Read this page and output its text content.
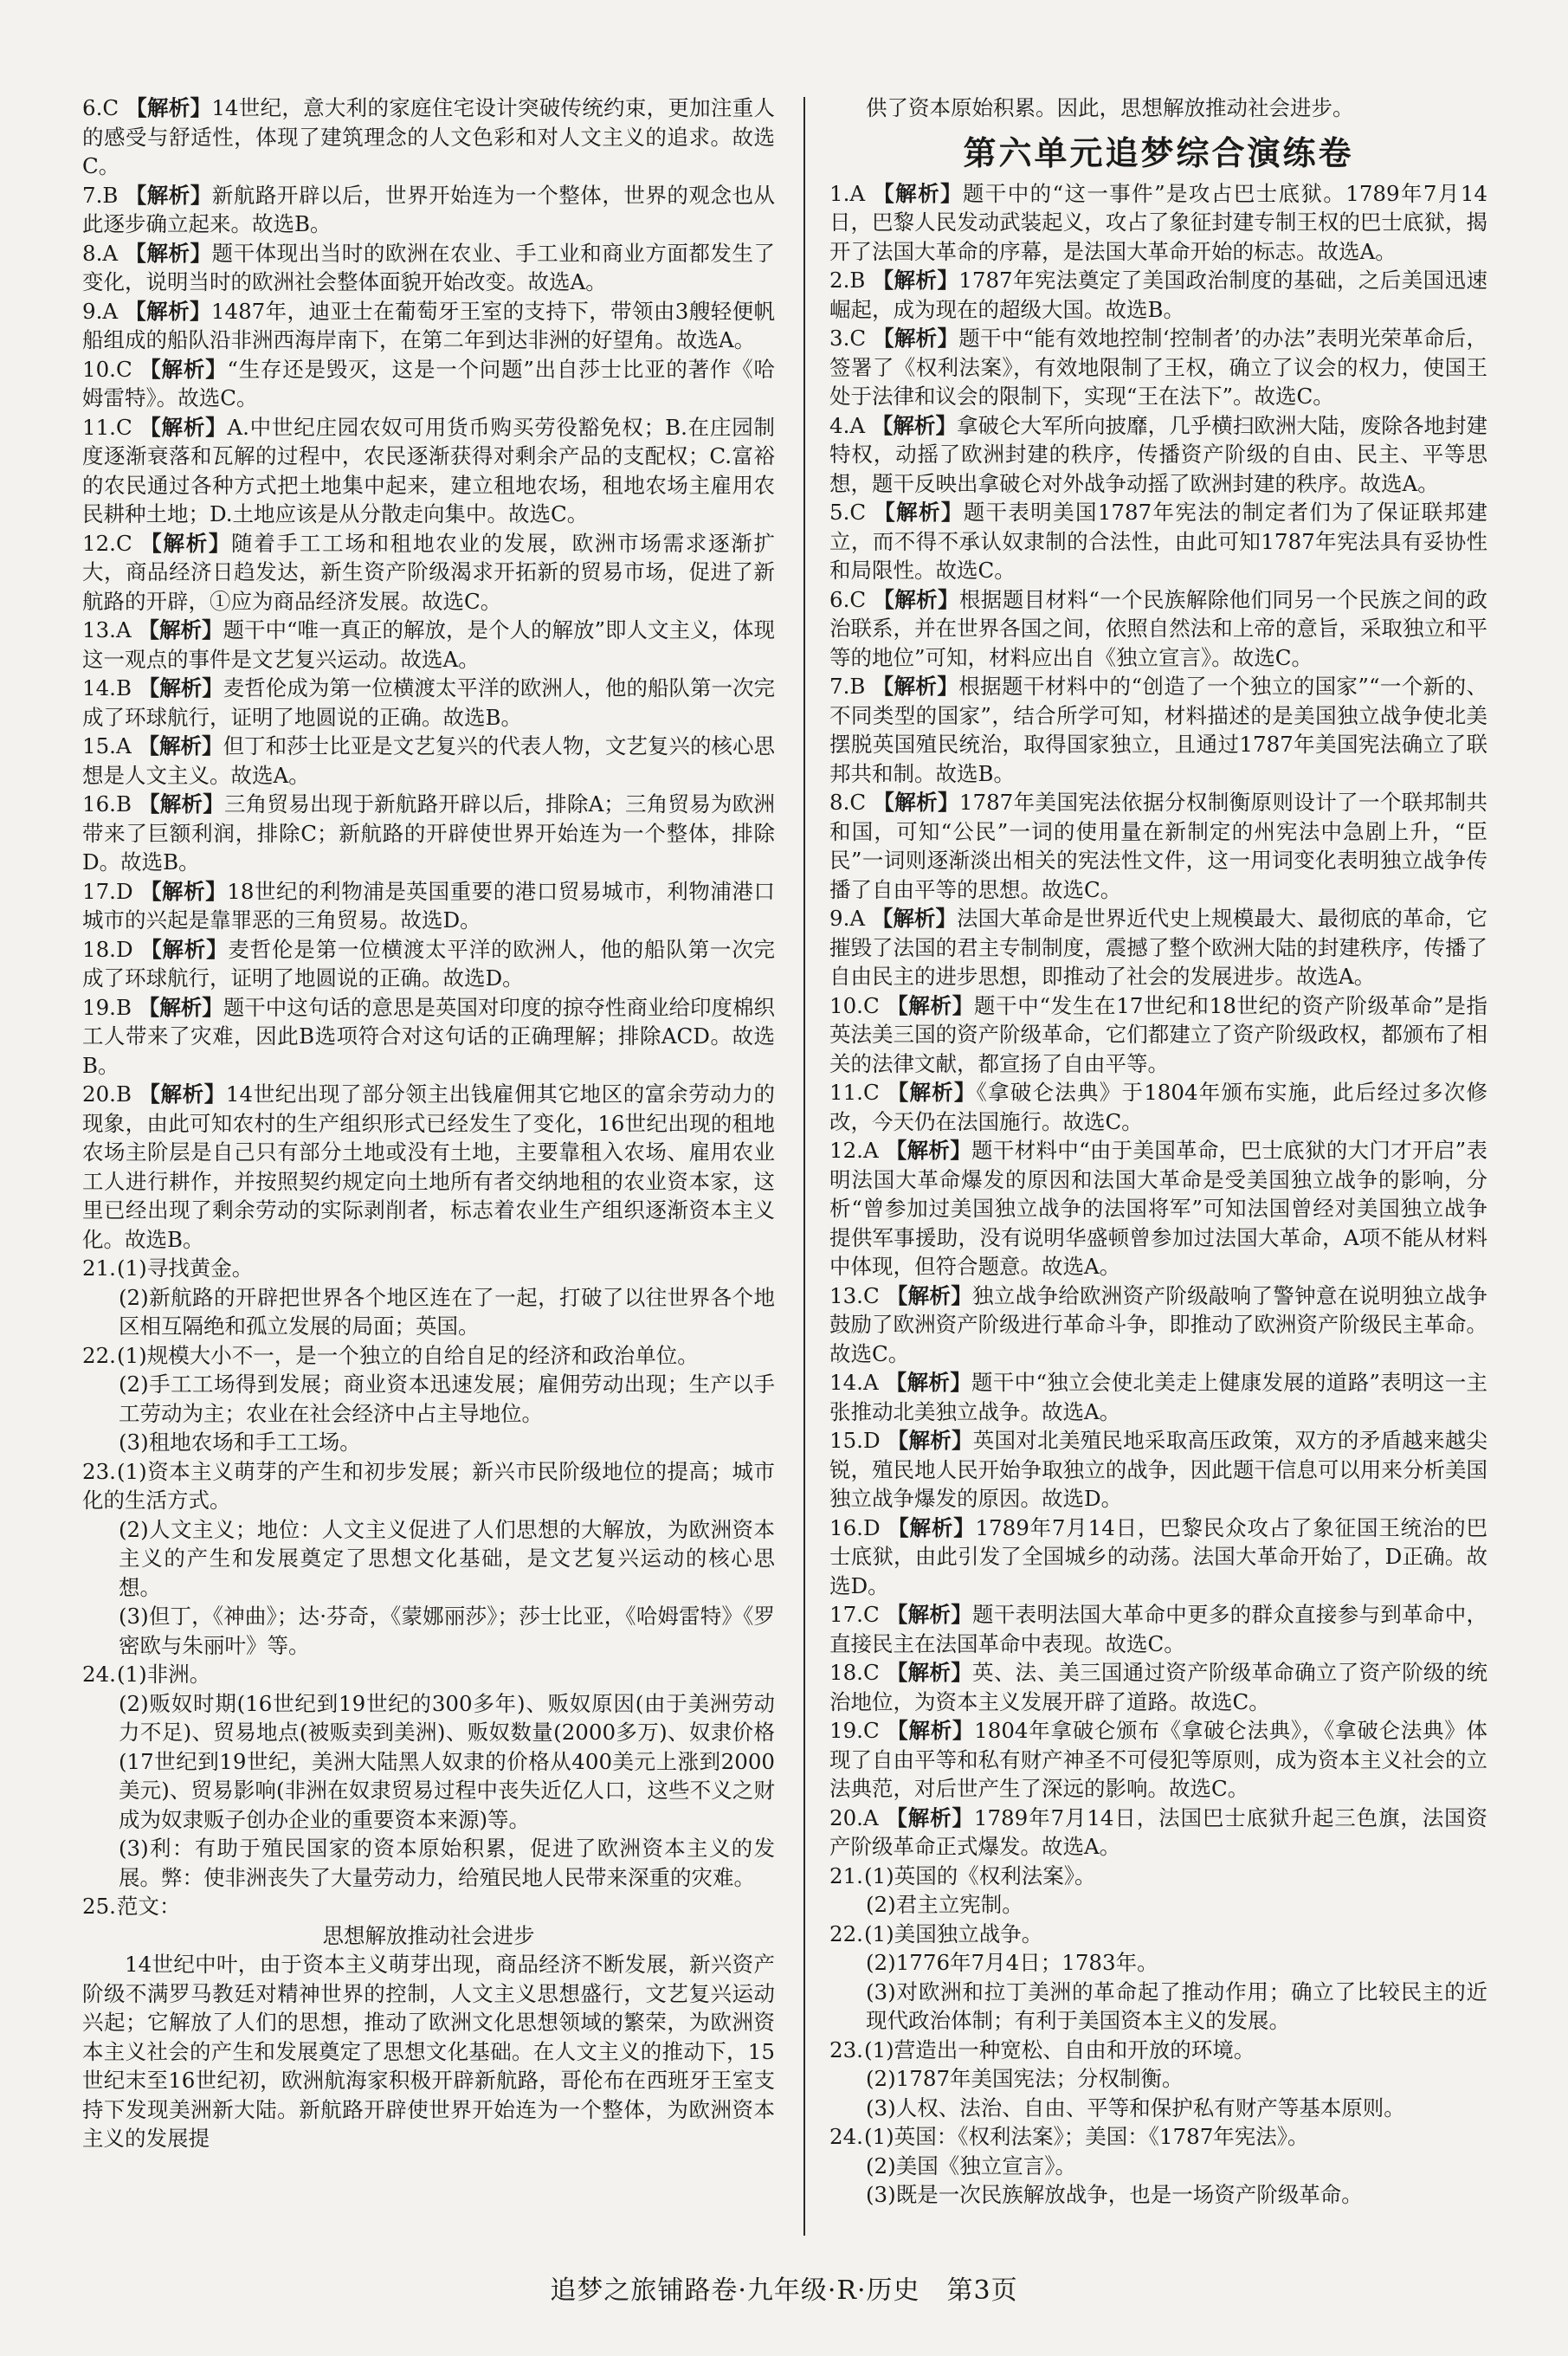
6.C 【解析】14世纪，意大利的家庭住宅设计突破传统约束，更加注重人的感受与舒适性，体现了建筑理念的人文色彩和对人文主义的追求。故选C。
7.B 【解析】新航路开辟以后，世界开始连为一个整体，世界的观念也从此逐步确立起来。故选B。
8.A 【解析】题干体现出当时的欧洲在农业、手工业和商业方面都发生了变化，说明当时的欧洲社会整体面貌开始改变。故选A。
9.A 【解析】1487年，迪亚士在葡萄牙王室的支持下，带领由3艘轻便帆船组成的船队沿非洲西海岸南下，在第二年到达非洲的好望角。故选A。
10.C 【解析】“生存还是毁灭，这是一个问题”出自莎士比亚的著作《哈姆雷特》。故选C。
11.C 【解析】A.中世纪庄园农奴可用货币购买劳役豁免权；B.在庄园制度逐渐衰落和瓦解的过程中，农民逐渐获得对剩余产品的支配权；C.富裕的农民通过各种方式把土地集中起来，建立租地农场，租地农场主雇用农民耕种土地；D.土地应该是从分散走向集中。故选C。
12.C 【解析】随着手工工场和租地农业的发展，欧洲市场需求逐渐扩大，商品经济日趋发达，新生资产阶级渴求开拓新的贸易市场，促进了新航路的开辟，①应为商品经济发展。故选C。
13.A 【解析】题干中“唯一真正的解放，是个人的解放”即人文主义，体现这一观点的事件是文艺复兴运动。故选A。
14.B 【解析】麦哲伦成为第一位横渡太平洋的欧洲人，他的船队第一次完成了环球航行，证明了地圆说的正确。故选B。
15.A 【解析】但丁和莎士比亚是文艺复兴的代表人物，文艺复兴的核心思想是人文主义。故选A。
16.B 【解析】三角贸易出现于新航路开辟以后，排除A；三角贸易为欧洲带来了巨额利润，排除C；新航路的开辟使世界开始连为一个整体，排除D。故选B。
17.D 【解析】18世纪的利物浦是英国重要的港口贸易城市，利物浦港口城市的兴起是靠罪恶的三角贸易。故选D。
18.D 【解析】麦哲伦是第一位横渡太平洋的欧洲人，他的船队第一次完成了环球航行，证明了地圆说的正确。故选D。
19.B 【解析】题干中这句话的意思是英国对印度的掠夺性商业给印度棉织工人带来了灾难，因此B选项符合对这句话的正确理解；排除ACD。故选B。
20.B 【解析】14世纪出现了部分领主出钱雇佣其它地区的富余劳动力的现象，由此可知农村的生产组织形式已经发生了变化，16世纪出现的租地农场主阶层是自己只有部分土地或没有土地，主要靠租入农场、雇用农业工人进行耕作，并按照契约规定向土地所有者交纳地租的农业资本家，这里已经出现了剩余劳动的实际剥削者，标志着农业生产组织逐渐资本主义化。故选B。
21.(1)寻找黄金。
(2)新航路的开辟把世界各个地区连在了一起，打破了以往世界各个地区相互隔绝和孤立发展的局面；英国。
22.(1)规模大小不一，是一个独立的自给自足的经济和政治单位。
(2)手工工场得到发展；商业资本迅速发展；雇佣劳动出现；生产以手工劳动为主；农业在社会经济中占主导地位。
(3)租地农场和手工工场。
23.(1)资本主义萌芽的产生和初步发展；新兴市民阶级地位的提高；城市化的生活方式。
(2)人文主义；地位：人文主义促进了人们思想的大解放，为欧洲资本主义的产生和发展奠定了思想文化基础，是文艺复兴运动的核心思想。
(3)但丁，《神曲》；达·芬奇，《蒙娜丽莎》；莎士比亚，《哈姆雷特》《罗密欧与朱丽叶》等。
24.(1)非洲。
(2)贩奴时期(16世纪到19世纪的300多年)、贩奴原因(由于美洲劳动力不足)、贸易地点(被贩卖到美洲)、贩奴数量(2000多万)、奴隶价格(17世纪到19世纪，美洲大陆黑人奴隶的价格从400美元上涨到2000美元)、贸易影响(非洲在奴隶贸易过程中丧失近亿人口，这些不义之财成为奴隶贩子创办企业的重要资本来源)等。
(3)利：有助于殖民国家的资本原始积累，促进了欧洲资本主义的发展。弊：使非洲丧失了大量劳动力，给殖民地人民带来深重的灾难。
25.范文：
思想解放推动社会进步
14世纪中叶，由于资本主义萌芽出现，商品经济不断发展，新兴资产阶级不满罗马教廷对精神世界的控制，人文主义思想盛行，文艺复兴运动兴起；它解放了人们的思想，推动了欧洲文化思想领域的繁荣，为欧洲资本主义社会的产生和发展奠定了思想文化基础。在人文主义的推动下，15世纪末至16世纪初，欧洲航海家积极开辟新航路，哥伦布在西班牙王室支持下发现美洲新大陆。新航路开辟使世界开始连为一个整体，为欧洲资本主义的发展提
供了资本原始积累。因此，思想解放推动社会进步。
第六单元追梦综合演练卷
1.A 【解析】题干中的“这一事件”是攻占巴士底狱。1789年7月14日，巴黎人民发动武装起义，攻占了象征封建专制王权的巴士底狱，揭开了法国大革命的序幕，是法国大革命开始的标志。故选A。
2.B 【解析】1787年宪法奠定了美国政治制度的基础，之后美国迅速崛起，成为现在的超级大国。故选B。
3.C 【解析】题干中“能有效地控制‘控制者’的办法”表明光荣革命后，签署了《权利法案》，有效地限制了王权，确立了议会的权力，使国王处于法律和议会的限制下，实现“王在法下”。故选C。
4.A 【解析】拿破仑大军所向披靡，几乎横扫欧洲大陆，废除各地封建特权，动摇了欧洲封建的秩序，传播资产阶级的自由、民主、平等思想，题干反映出拿破仑对外战争动摇了欧洲封建的秩序。故选A。
5.C 【解析】题干表明美国1787年宪法的制定者们为了保证联邦建立，而不得不承认奴隶制的合法性，由此可知1787年宪法具有妥协性和局限性。故选C。
6.C 【解析】根据题目材料“一个民族解除他们同另一个民族之间的政治联系，并在世界各国之间，依照自然法和上帝的意旨，采取独立和平等的地位”可知，材料应出自《独立宣言》。故选C。
7.B 【解析】根据题干材料中的“创造了一个独立的国家”“一个新的、不同类型的国家”，结合所学可知，材料描述的是美国独立战争使北美摆脱英国殖民统治，取得国家独立，且通过1787年美国宪法确立了联邦共和制。故选B。
8.C 【解析】1787年美国宪法依据分权制衡原则设计了一个联邦制共和国，可知“公民”一词的使用量在新制定的州宪法中急剧上升，“臣民”一词则逐渐淡出相关的宪法性文件，这一用词变化表明独立战争传播了自由平等的思想。故选C。
9.A 【解析】法国大革命是世界近代史上规模最大、最彻底的革命，它摧毁了法国的君主专制制度，震撼了整个欧洲大陆的封建秩序，传播了自由民主的进步思想，即推动了社会的发展进步。故选A。
10.C 【解析】题干中“发生在17世纪和18世纪的资产阶级革命”是指英法美三国的资产阶级革命，它们都建立了资产阶级政权，都颁布了相关的法律文献，都宣扬了自由平等。
11.C 【解析】《拿破仑法典》于1804年颁布实施，此后经过多次修改，今天仍在法国施行。故选C。
12.A 【解析】题干材料中“由于美国革命，巴士底狱的大门才开启”表明法国大革命爆发的原因和法国大革命是受美国独立战争的影响，分析“曾参加过美国独立战争的法国将军”可知法国曾经对美国独立战争提供军事援助，没有说明华盛顿曾参加过法国大革命，A项不能从材料中体现，但符合题意。故选A。
13.C 【解析】独立战争给欧洲资产阶级敲响了警钟意在说明独立战争鼓励了欧洲资产阶级进行革命斗争，即推动了欧洲资产阶级民主革命。故选C。
14.A 【解析】题干中“独立会使北美走上健康发展的道路”表明这一主张推动北美独立战争。故选A。
15.D 【解析】英国对北美殖民地采取高压政策，双方的矛盾越来越尖锐，殖民地人民开始争取独立的战争，因此题干信息可以用来分析美国独立战争爆发的原因。故选D。
16.D 【解析】1789年7月14日，巴黎民众攻占了象征国王统治的巴士底狱，由此引发了全国城乡的动荡。法国大革命开始了，D正确。故选D。
17.C 【解析】题干表明法国大革命中更多的群众直接参与到革命中，直接民主在法国革命中表现。故选C。
18.C 【解析】英、法、美三国通过资产阶级革命确立了资产阶级的统治地位，为资本主义发展开辟了道路。故选C。
19.C 【解析】1804年拿破仑颁布《拿破仑法典》，《拿破仑法典》体现了自由平等和私有财产神圣不可侵犯等原则，成为资本主义社会的立法典范，对后世产生了深远的影响。故选C。
20.A 【解析】1789年7月14日，法国巴士底狱升起三色旗，法国资产阶级革命正式爆发。故选A。
21.(1)英国的《权利法案》。
(2)君主立宪制。
22.(1)美国独立战争。
(2)1776年7月4日；1783年。
(3)对欧洲和拉丁美洲的革命起了推动作用；确立了比较民主的近现代政治体制；有利于美国资本主义的发展。
23.(1)营造出一种宽松、自由和开放的环境。
(2)1787年美国宪法；分权制衡。
(3)人权、法治、自由、平等和保护私有财产等基本原则。
24.(1)英国：《权利法案》；美国：《1787年宪法》。
(2)美国《独立宣言》。
(3)既是一次民族解放战争，也是一场资产阶级革命。
追梦之旅铺路卷·九年级·R·历史　第3页
